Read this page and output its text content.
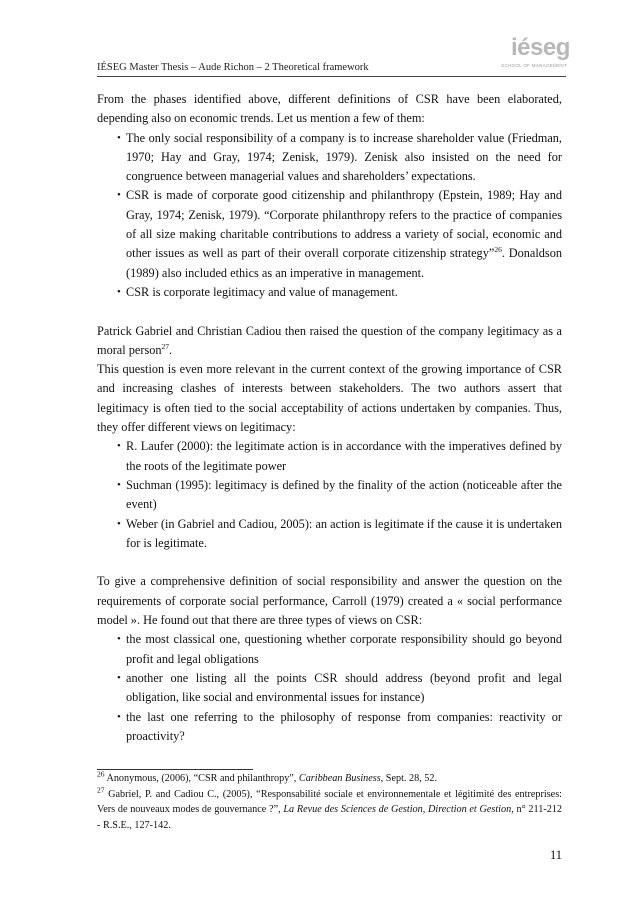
IÉSEG Master Thesis – Aude Richon – 2 Theoretical framework
iéseg
SCHOOL OF MANAGEMENT

From the phases identified above, different definitions of CSR have been elaborated, depending also on economic trends. Let us mention a few of them:

• The only social responsibility of a company is to increase shareholder value (Friedman, 1970; Hay and Gray, 1974; Zenisk, 1979). Zenisk also insisted on the need for congruence between managerial values and shareholders’ expectations.
• CSR is made of corporate good citizenship and philanthropy (Epstein, 1989; Hay and Gray, 1974; Zenisk, 1979). “Corporate philanthropy refers to the practice of companies of all size making charitable contributions to address a variety of social, economic and other issues as well as part of their overall corporate citizenship strategy”$^{26}$. Donaldson (1989) also included ethics as an imperative in management.
• CSR is corporate legitimacy and value of management.

Patrick Gabriel and Christian Cadiou then raised the question of the company legitimacy as a moral person$^{27}$.

This question is even more relevant in the current context of the growing importance of CSR and increasing clashes of interests between stakeholders. The two authors assert that legitimacy is often tied to the social acceptability of actions undertaken by companies. Thus, they offer different views on legitimacy:

• R. Laufer (2000): the legitimate action is in accordance with the imperatives defined by the roots of the legitimate power
• Suchman (1995): legitimacy is defined by the finality of the action (noticeable after the event)
• Weber (in Gabriel and Cadiou, 2005): an action is legitimate if the cause it is undertaken for is legitimate.

To give a comprehensive definition of social responsibility and answer the question on the requirements of corporate social performance, Carroll (1979) created a « social performance model ». He found out that there are three types of views on CSR:

• the most classical one, questioning whether corporate responsibility should go beyond profit and legal obligations
• another one listing all the points CSR should address (beyond profit and legal obligation, like social and environmental issues for instance)
• the last one referring to the philosophy of response from companies: reactivity or proactivity?

$^{26}$ Anonymous, (2006), “CSR and philanthropy”, Caribbean Business, Sept. 28, 52.

$^{27}$ Gabriel, P. and Cadiou C., (2005), “Responsabilité sociale et environnementale et légitimité des entreprises: Vers de nouveaux modes de gouvernance ?”, La Revue des Sciences de Gestion, Direction et Gestion, n° 211-212 - R.S.E., 127-142.

11
